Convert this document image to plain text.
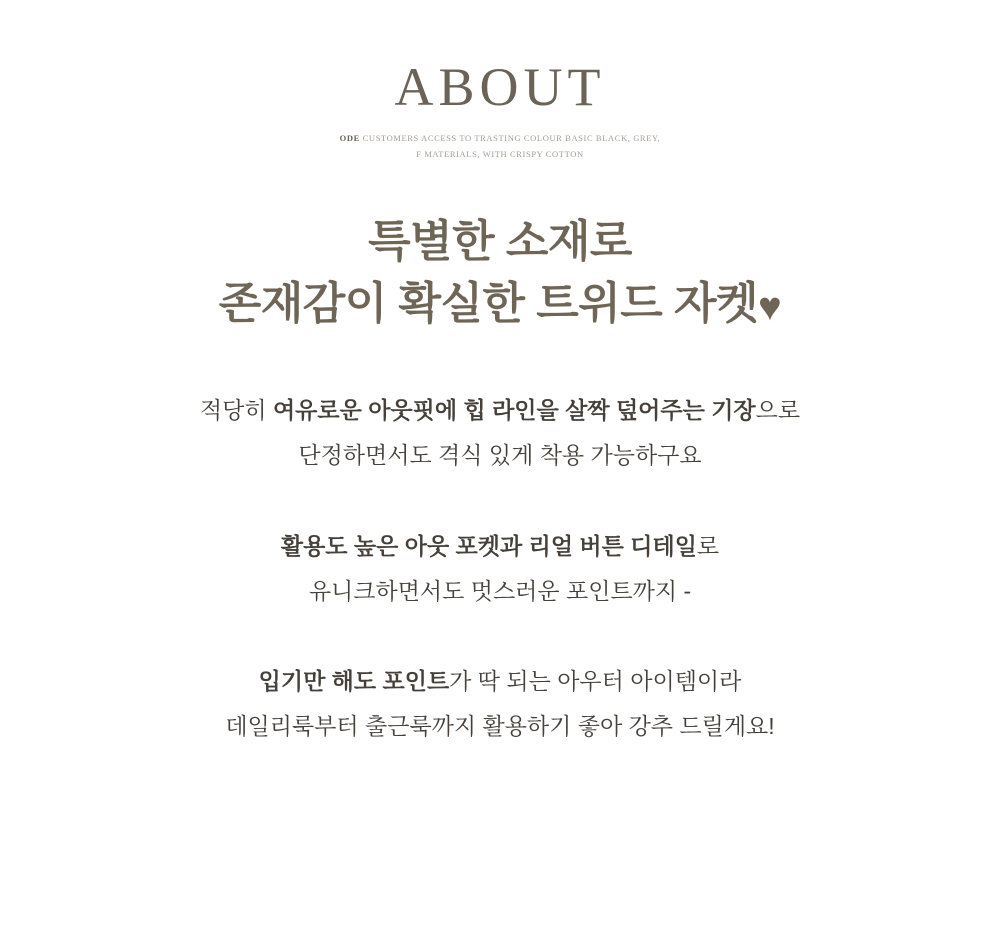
ABOUT
ODE CUSTOMERS ACCESS TO TRASTING COLOUR BASIC BLACK, GREY,
F MATERIALS, WITH CRISPY COTTON
특별한 소재로
존재감이 확실한 트위드 자켓♥
적당히 여유로운 아웃핏에 힙 라인을 살짝 덮어주는 기장으로
단정하면서도 격식 있게 착용 가능하구요
활용도 높은 아웃 포켓과 리얼 버튼 디테일로
유니크하면서도 멋스러운 포인트까지 -
입기만 해도 포인트가 딱 되는 아우터 아이템이라
데일리룩부터 출근룩까지 활용하기 좋아 강추 드릴게요!
